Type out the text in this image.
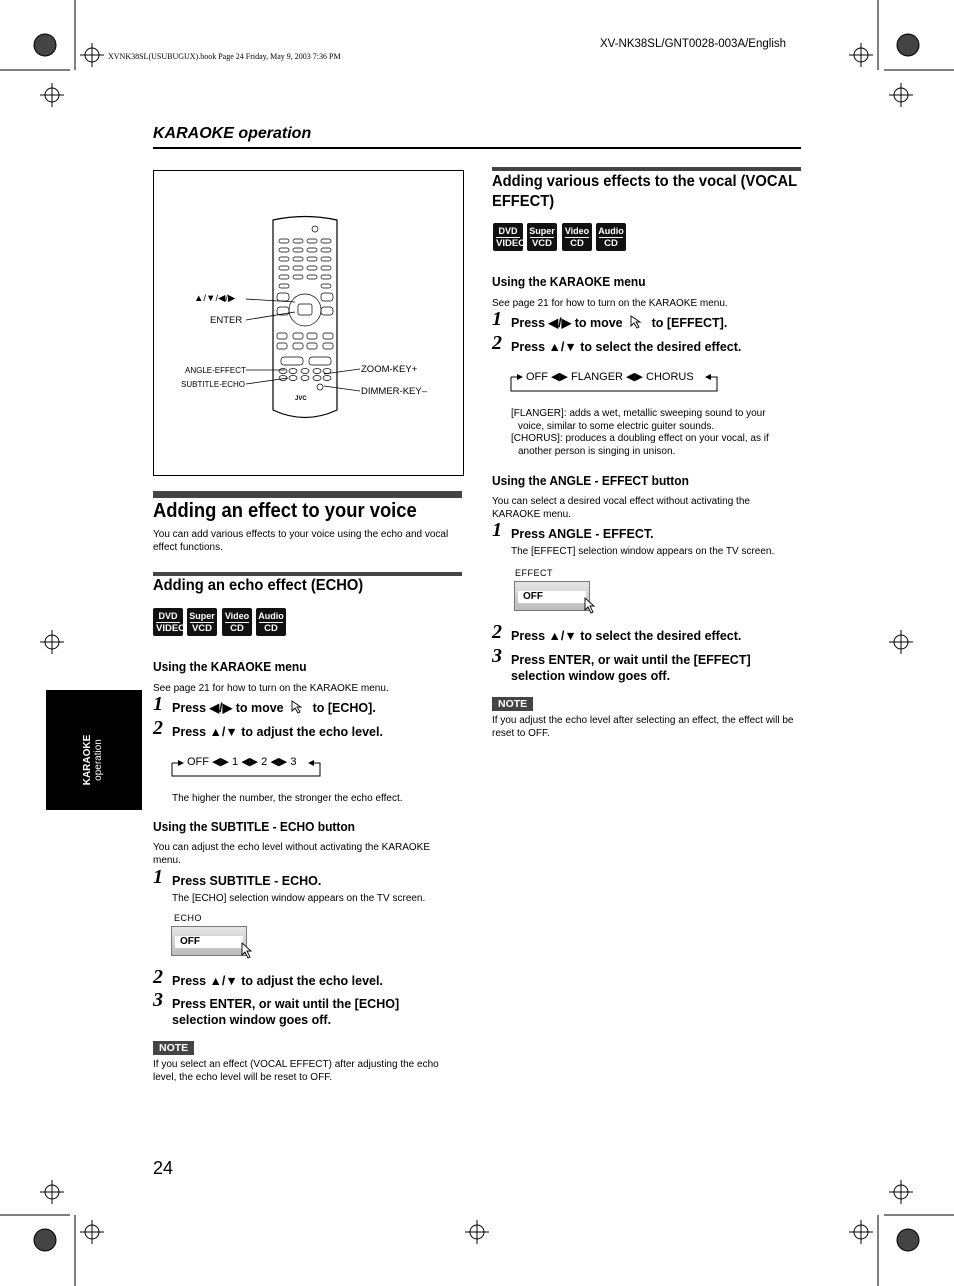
XV-NK38SL/GNT0028-003A/English
XVNK38SL(USUBUGUX).book Page 24 Friday, May 9, 2003 7:36 PM
KARAOKE operation
KARAOKE operation
JVC
▲/▼/◀/▶
ENTER
ANGLE-EFFECT
SUBTITLE-ECHO
ZOOM-KEY+
DIMMER-KEY–
Adding an effect to your voice
You can add various effects to your voice using the echo and vocal effect functions.
Adding an echo effect (ECHO)
DVD
VIDEO
Super
VCD
Video
CD
Audio
CD
Using the KARAOKE menu
See page 21 for how to turn on the KARAOKE menu.
1 Press ◀/▶ to move to [ECHO].
2 Press ▲/▼ to adjust the echo level.
OFF ◀▶ 1 ◀▶ 2 ◀▶ 3
The higher the number, the stronger the echo effect.
Using the SUBTITLE - ECHO button
You can adjust the echo level without activating the KARAOKE menu.
1 Press SUBTITLE - ECHO.
The [ECHO] selection window appears on the TV screen.
ECHO
OFF
2 Press ▲/▼ to adjust the echo level.
3 Press ENTER, or wait until the [ECHO] selection window goes off.
NOTE
If you select an effect (VOCAL EFFECT) after adjusting the echo level, the echo level will be reset to OFF.
Adding various effects to the vocal (VOCAL EFFECT)
DVD
VIDEO
Super
VCD
Video
CD
Audio
CD
Using the KARAOKE menu
See page 21 for how to turn on the KARAOKE menu.
1 Press ◀/▶ to move to [EFFECT].
2 Press ▲/▼ to select the desired effect.
OFF ◀▶ FLANGER ◀▶ CHORUS
[FLANGER]: adds a wet, metallic sweeping sound to your voice, similar to some electric guiter sounds.
[CHORUS]: produces a doubling effect on your vocal, as if another person is singing in unison.
Using the ANGLE - EFFECT button
You can select a desired vocal effect without activating the KARAOKE menu.
1 Press ANGLE - EFFECT.
The [EFFECT] selection window appears on the TV screen.
EFFECT
OFF
2 Press ▲/▼ to select the desired effect.
3 Press ENTER, or wait until the [EFFECT] selection window goes off.
NOTE
If you adjust the echo level after selecting an effect, the effect will be reset to OFF.
24
